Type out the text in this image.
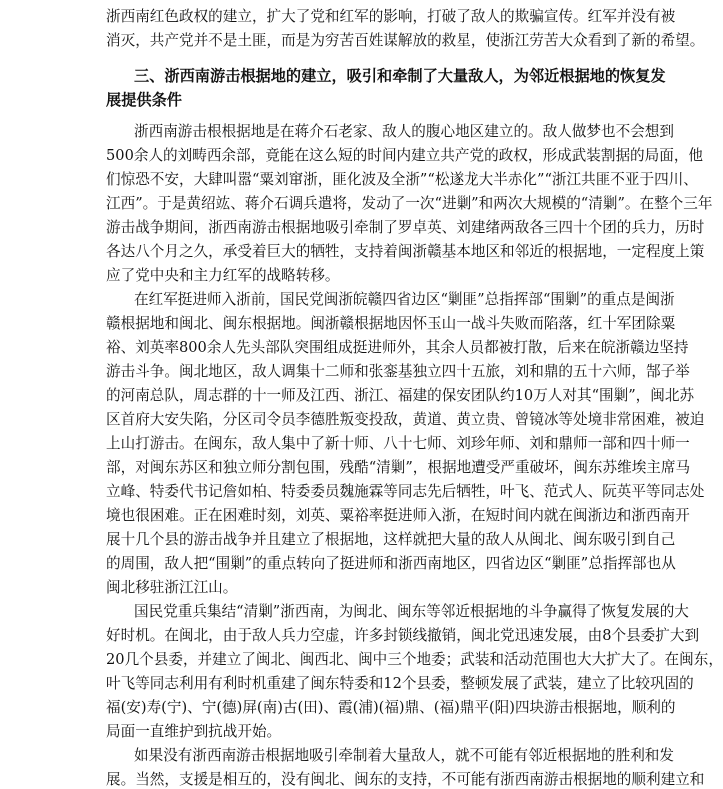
浙西南红色政权的建立，扩大了党和红军的影响，打破了敌人的欺骗宣传。红军并没有被
消灭，共产党并不是土匪，而是为穷苦百姓谋解放的救星，使浙江劳苦大众看到了新的希望。
三、浙西南游击根据地的建立，吸引和牵制了大量敌人，为邻近根据地的恢复发
展提供条件
浙西南游击根根据地是在蒋介石老家、敌人的腹心地区建立的。敌人做梦也不会想到
500余人的刘畴西余部，竟能在这么短的时间内建立共产党的政权，形成武装割据的局面，他
们惊恐不安，大肆叫嚣“粟刘窜浙，匪化波及全浙”“松遂龙大半赤化”“浙江共匪不亚于四川、
江西”。于是黄绍竑、蒋介石调兵遣将，发动了一次“进剿”和两次大规模的“清剿”。在整个三年
游击战争期间，浙西南游击根据地吸引牵制了罗卓英、刘建绪两敌各三四十个团的兵力，历时
各达八个月之久，承受着巨大的牺牲，支持着闽浙赣基本地区和邻近的根据地，一定程度上策
应了党中央和主力红军的战略转移。
在红军挺进师入浙前，国民党闽浙皖赣四省边区“剿匪”总指挥部“围剿”的重点是闽浙
赣根据地和闽北、闽东根据地。闽浙赣根据地因怀玉山一战斗失败而陷落，红十军团除粟
裕、刘英率800余人先头部队突围组成挺进师外，其余人员都被打散，后来在皖浙赣边坚持
游击斗争。闽北地区，敌人调集十二师和张銮基独立四十五旅，刘和鼎的五十六师，郜子举
的河南总队，周志群的十一师及江西、浙江、福建的保安团队约10万人对其“围剿”，闽北苏
区首府大安失陷，分区司令员李德胜叛变投敌，黄道、黄立贵、曾镜冰等处境非常困难，被迫
上山打游击。在闽东，敌人集中了新十师、八十七师、刘珍年师、刘和鼎师一部和四十师一
部，对闽东苏区和独立师分割包围，残酷“清剿”，根据地遭受严重破坏，闽东苏维埃主席马
立峰、特委代书记詹如柏、特委委员魏施霖等同志先后牺牲，叶飞、范式人、阮英平等同志处
境也很困难。正在困难时刻，刘英、粟裕率挺进师入浙，在短时间内就在闽浙边和浙西南开
展十几个县的游击战争并且建立了根据地，这样就把大量的敌人从闽北、闽东吸引到自己
的周围，敌人把“围剿”的重点转向了挺进师和浙西南地区，四省边区“剿匪”总指挥部也从
闽北移驻浙江江山。
国民党重兵集结“清剿”浙西南，为闽北、闽东等邻近根据地的斗争赢得了恢复发展的大
好时机。在闽北，由于敌人兵力空虚，许多封锁线撤销，闽北党迅速发展，由8个县委扩大到
20几个县委，并建立了闽北、闽西北、闽中三个地委；武装和活动范围也大大扩大了。在闽东，
叶飞等同志利用有利时机重建了闽东特委和12个县委，整顿发展了武装，建立了比较巩固的
福(安)寿(宁)、宁(德)屏(南)古(田)、霞(浦)(福)鼎、(福)鼎平(阳)四块游击根据地，顺利的
局面一直维护到抗战开始。
如果没有浙西南游击根据地吸引牵制着大量敌人，就不可能有邻近根据地的胜利和发
展。当然，支援是相互的，没有闽北、闽东的支持，不可能有浙西南游击根据地的顺利建立和
